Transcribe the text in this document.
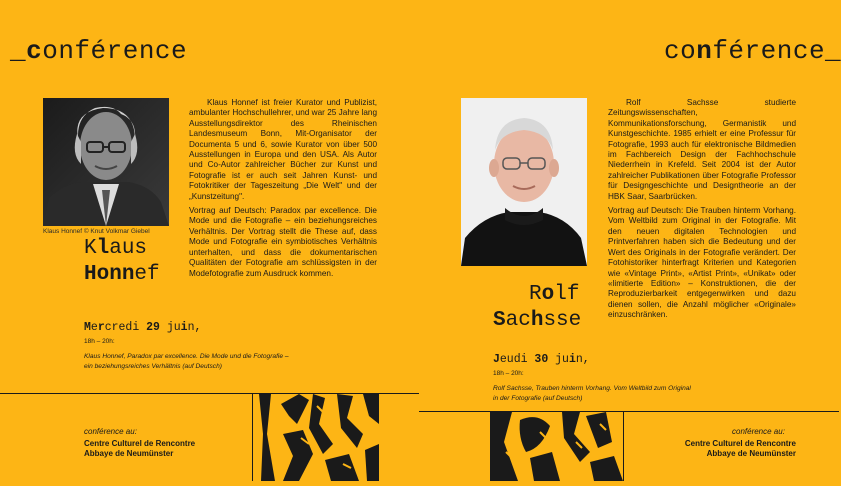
_conférence
Klaus Honnef © Knut Volkmar Giebel
Klaus
Honnef

Klaus Honnef ist freier Kurator und Publizist, ambulanter Hochschullehrer, und war 25 Jahre lang Ausstellungsdirektor des Rheinischen Landesmuseum Bonn, Mit-Organisator der Documenta 5 und 6, sowie Kurator von über 500 Ausstellungen in Europa und den USA. Als Autor und Co-Autor zahlreicher Bücher zur Kunst und Fotografie ist er auch seit Jahren Kunst- und Fotokritiker der Tageszeitung „Die Welt" und der „Kunstzeitung".

Vortrag auf Deutsch: Paradox par excellence. Die Mode und die Fotografie – ein beziehungsreiches Verhältnis. Der Vortrag stellt die These auf, dass Mode und Fotografie ein symbiotisches Verhältnis unterhalten, und dass die dokumentarischen Qualitäten der Fotografie am schlüssigsten in der Modefotografie zum Ausdruck kommen.

Mercredi 29 juin,
18h – 20h:
Klaus Honnef, Paradox par excellence. Die Mode und die Fotografie –
ein beziehungsreiches Verhältnis (auf Deutsch)
conférence au:
Centre Culturel de Rencontre
Abbaye de Neumünster
conférence_
Rolf
Sachsse

Rolf Sachsse studierte Zeitungswissenschaften, Kommunikationsforschung, Germanistik und Kunstgeschichte. 1985 erhielt er eine Professur für Fotografie, 1993 auch für elektronische Bildmedien im Fachbereich Design der Fachhochschule Niederrhein in Krefeld. Seit 2004 ist der Autor zahlreicher Publikationen über Fotografie Professor für Designgeschichte und Designtheorie an der HBK Saar, Saarbrücken.

Vortrag auf Deutsch: Die Trauben hinterm Vorhang. Vom Weltbild zum Original in der Fotografie. Mit den neuen digitalen Technologien und Printverfahren haben sich die Bedeutung und der Wert des Originals in der Fotografie verändert. Der Fotohistoriker hinterfragt Kriterien und Kategorien wie «Vintage Print», «Artist Print», «Unikat» oder «limitierte Edition» – Konstruktionen, die der Reproduzierbarkeit entgegenwirken und dazu dienen sollen, die Anzahl möglicher «Originale» einzuschränken.

Jeudi 30 juin,
18h – 20h:
Rolf Sachsse, Trauben hinterm Vorhang. Vom Weltbild zum Original
in der Fotografie (auf Deutsch)
conférence au:
Centre Culturel de Rencontre
Abbaye de Neumünster
